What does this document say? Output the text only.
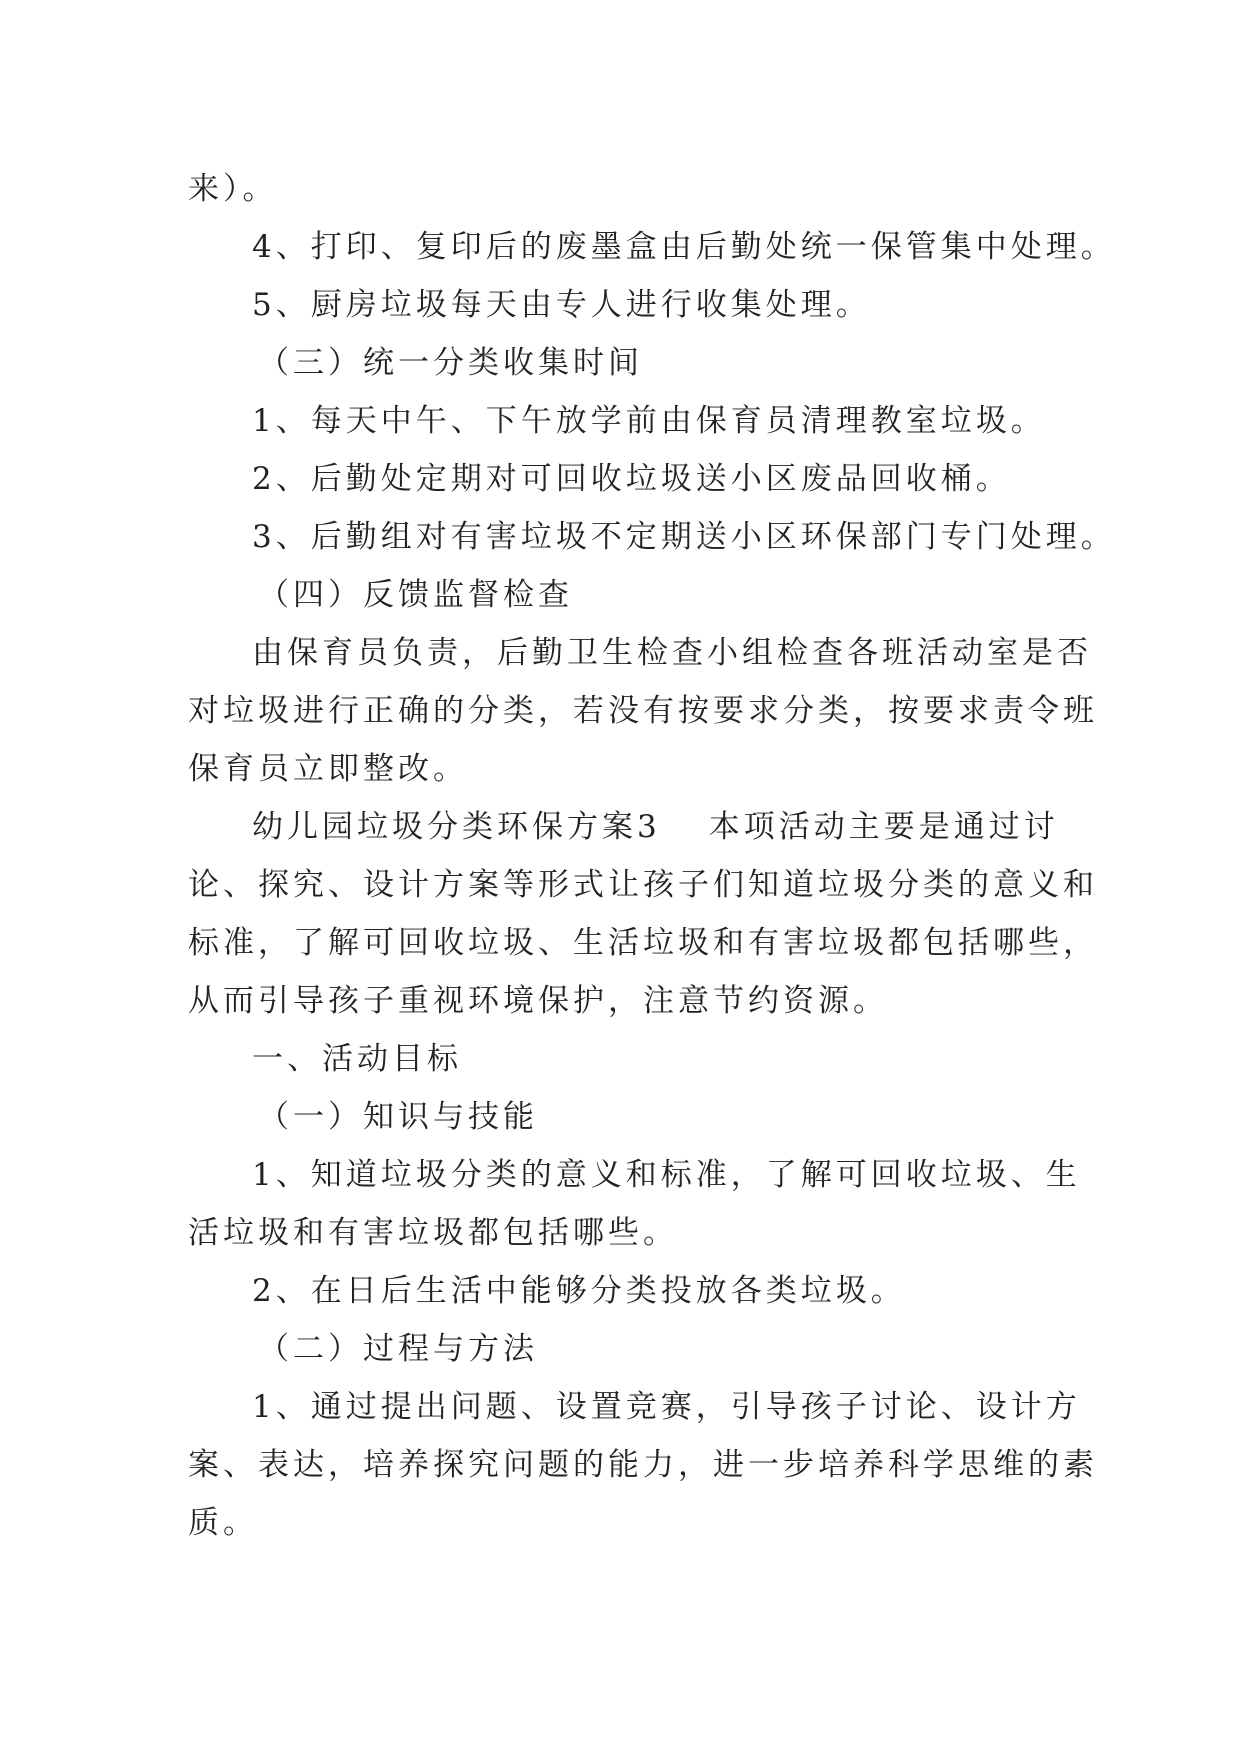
来）。
4、打印、复印后的废墨盒由后勤处统一保管集中处理。
5、厨房垃圾每天由专人进行收集处理。
（三）统一分类收集时间
1、每天中午、下午放学前由保育员清理教室垃圾。
2、后勤处定期对可回收垃圾送小区废品回收桶。
3、后勤组对有害垃圾不定期送小区环保部门专门处理。
（四）反馈监督检查
由保育员负责，后勤卫生检查小组检查各班活动室是否
对垃圾进行正确的分类，若没有按要求分类，按要求责令班
保育员立即整改。
幼儿园垃圾分类环保方案3 本项活动主要是通过讨
论、探究、设计方案等形式让孩子们知道垃圾分类的意义和
标准，了解可回收垃圾、生活垃圾和有害垃圾都包括哪些，
从而引导孩子重视环境保护，注意节约资源。
一、活动目标
（一）知识与技能
1、知道垃圾分类的意义和标准，了解可回收垃圾、生
活垃圾和有害垃圾都包括哪些。
2、在日后生活中能够分类投放各类垃圾。
（二）过程与方法
1、通过提出问题、设置竞赛，引导孩子讨论、设计方
案、表达，培养探究问题的能力，进一步培养科学思维的素
质。
